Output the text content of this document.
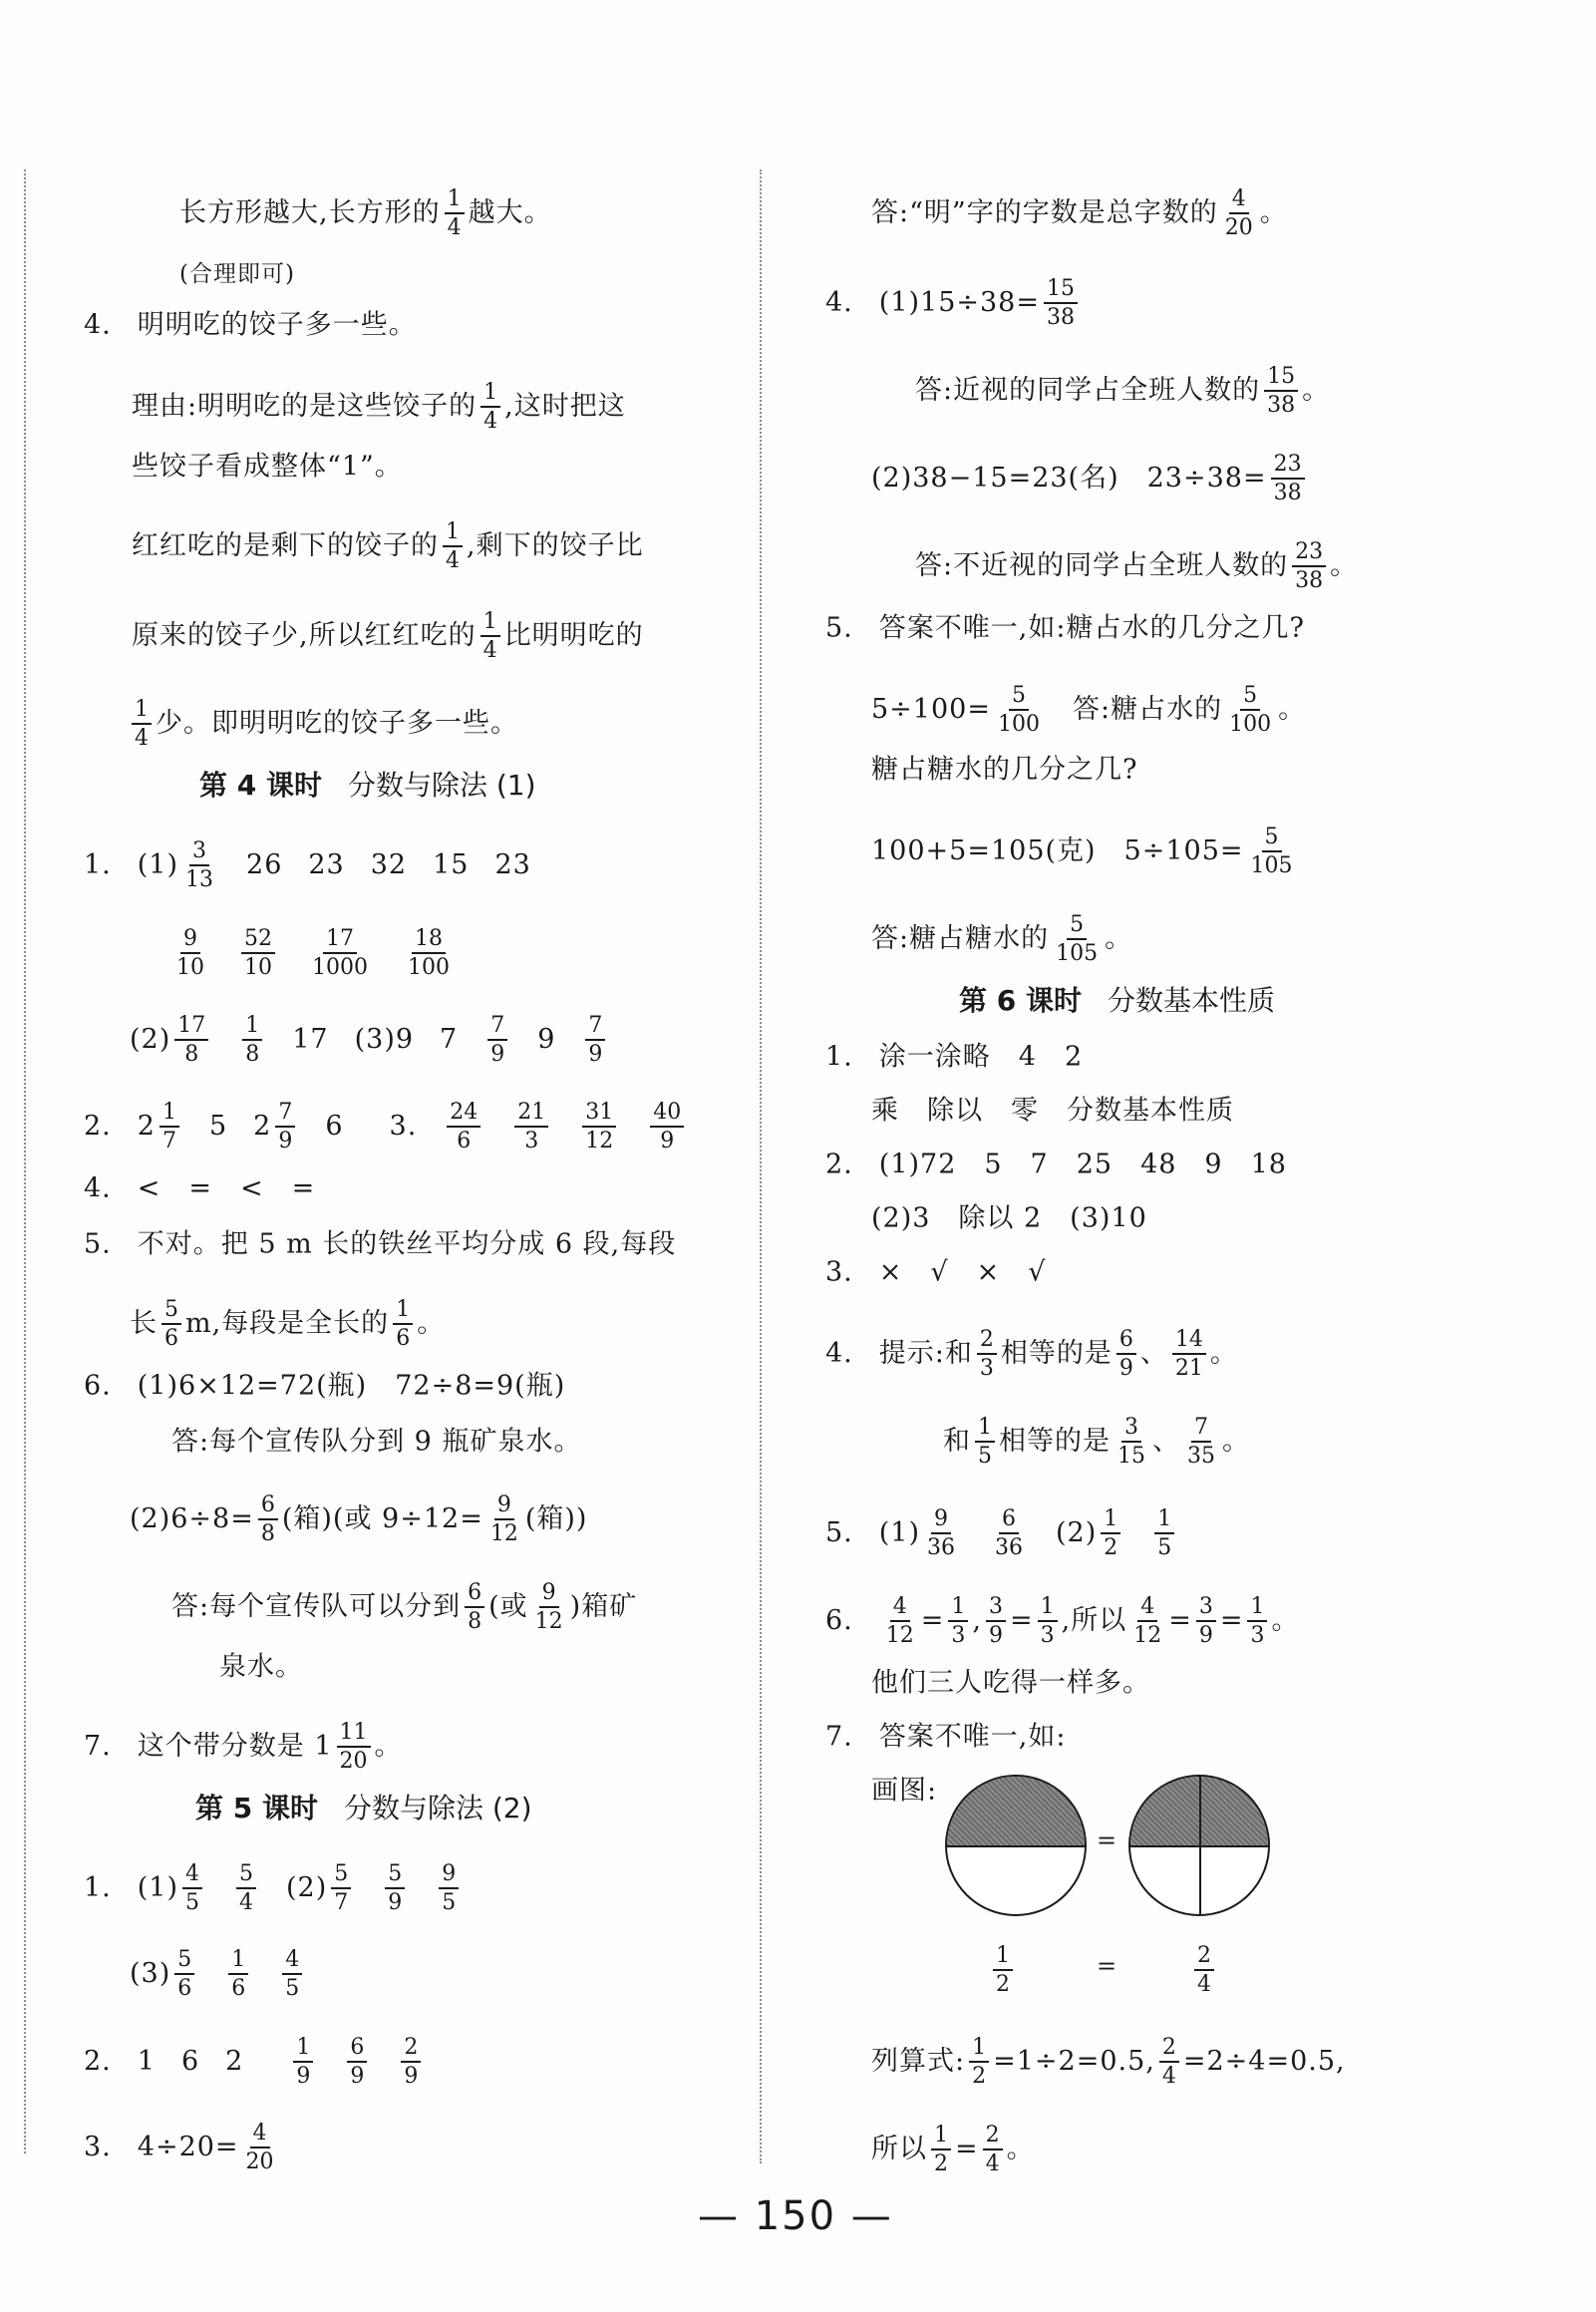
长方形越大,长方形的 $\frac{1}{4}$ 越大。
(合理即可)
4. 明明吃的饺子多一些。
理由:明明吃的是这些饺子的 $\frac{1}{4}$ ,这时把这
些饺子看成整体“1”。
红红吃的是剩下的饺子的 $\frac{1}{4}$ ,剩下的饺子比
原来的饺子少,所以红红吃的 $\frac{1}{4}$ 比明明吃的
$\frac{1}{4}$ 少。即明明吃的饺子多一些。
第 4 课时 分数与除法 (1)
1. $(1) \frac{3}{13} 26$ 23 32 15 23
$\frac{9}{10} \frac{52}{10} \frac{17}{1000} \frac{18}{100}$
$(2) \frac{17}{8} \frac{1}{8} 17$ (3)9 $7 \frac{7}{9} 9 \frac{7}{9}$
2. $2 \frac{1}{7} 5$ $2 \frac{7}{9} 6$ 3. $\frac{24}{6} \frac{21}{3} \frac{31}{12} \frac{40}{9}$
4. <　=　<　=
5. 不对。把 5 m 长的铁丝平均分成 6 段,每段
长 $\frac{5}{6} m$,每段是全长的 $\frac{1}{6}$ 。
6. (1)6×12=72(瓶)　72÷8=9(瓶)
答:每个宣传队分到 9 瓶矿泉水。
$(2)6\div 8= \frac{6}{8}$ (箱)(或 $9\div 12= \frac{9}{12}$ (箱))
答:每个宣传队可以分到 $\frac{6}{8}$ (或 $\frac{9}{12}$ )箱矿
泉水。
7. 这个带分数是 $1 \frac{11}{20}$ 。
第 5 课时 分数与除法 (2)
1. $(1) \frac{4}{5} \frac{5}{4} (2) \frac{5}{7} \frac{5}{9} \frac{9}{5}$
$(3) \frac{5}{6} \frac{1}{6} \frac{4}{5}$
2. 1 6 $2 \frac{1}{9} \frac{6}{9} \frac{2}{9}$
3. $4\div 20= \frac{4}{20}$
答:“明”字的字数是总字数的 $\frac{4}{20}$ 。
4. $(1)15\div 38= \frac{15}{38}$
答:近视的同学占全班人数的 $\frac{15}{38}$ 。
(2)38−15=23(名)　$23\div 38= \frac{23}{38}$
答:不近视的同学占全班人数的 $\frac{23}{38}$ 。
5. 答案不唯一,如:糖占水的几分之几?
$5\div 100= \frac{5}{100}$ 答:糖占水的 $\frac{5}{100}$ 。
糖占糖水的几分之几?
100+5=105(克)　$5\div 105= \frac{5}{105}$
答:糖占糖水的 $\frac{5}{105}$ 。
第 6 课时 分数基本性质
1. 涂一涂略　4　2
乘　除以　零　分数基本性质
2. (1)72　5　7　25　48　9　18
(2)3　除以 2　(3)10
3. ×　√　×　√
4. 提示:和 $\frac{2}{3}$ 相等的是 $\frac{6}{9}$ 、 $\frac{14}{21}$ 。
和 $\frac{1}{5}$ 相等的是 $\frac{3}{15}$ 、 $\frac{7}{35}$ 。
5. $(1) \frac{9}{36} \frac{6}{36} (2) \frac{1}{2} \frac{1}{5}$
6. $\frac{4}{12} = \frac{1}{3}$ , $\frac{3}{9} = \frac{1}{3}$ ,所以 $\frac{4}{12} = \frac{3}{9} = \frac{1}{3}$ 。
他们三人吃得一样多。
7. 答案不唯一,如:
画图:
=
$\frac{1}{2}$	=	$\frac{2}{4}$
列算式: $\frac{1}{2} =1\div 2=0.5$, $\frac{2}{4} =2\div 4=0.5$,
所以 $\frac{1}{2} = \frac{2}{4}$ 。
— 150 —
